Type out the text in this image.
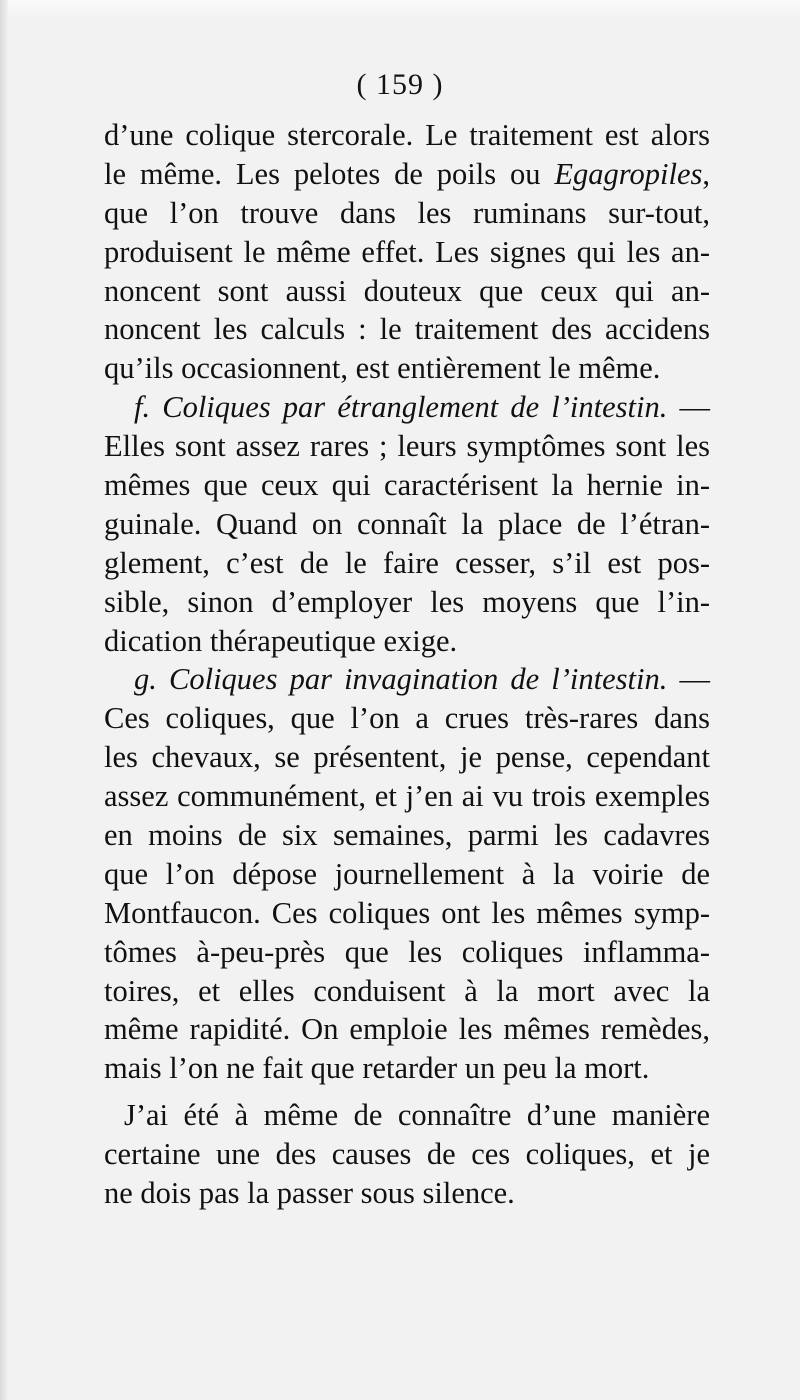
( 159 )
d’une colique stercorale. Le traitement est alors
le même. Les pelotes de poils ou Egagropiles,
que l’on trouve dans les ruminans sur-tout,
produisent le même effet. Les signes qui les an-
noncent sont aussi douteux que ceux qui an-
noncent les calculs : le traitement des accidens
qu’ils occasionnent, est entièrement le même.
f. Coliques par étranglement de l’intestin. —
Elles sont assez rares ; leurs symptômes sont les
mêmes que ceux qui caractérisent la hernie in-
guinale. Quand on connaît la place de l’étran-
glement, c’est de le faire cesser, s’il est pos-
sible, sinon d’employer les moyens que l’in-
dication thérapeutique exige.
g. Coliques par invagination de l’intestin. —
Ces coliques, que l’on a crues très-rares dans
les chevaux, se présentent, je pense, cependant
assez communément, et j’en ai vu trois exemples
en moins de six semaines, parmi les cadavres
que l’on dépose journellement à la voirie de
Montfaucon. Ces coliques ont les mêmes symp-
tômes à-peu-près que les coliques inflamma-
toires, et elles conduisent à la mort avec la
même rapidité. On emploie les mêmes remèdes,
mais l’on ne fait que retarder un peu la mort.
J’ai été à même de connaître d’une manière
certaine une des causes de ces coliques, et je
ne dois pas la passer sous silence.
